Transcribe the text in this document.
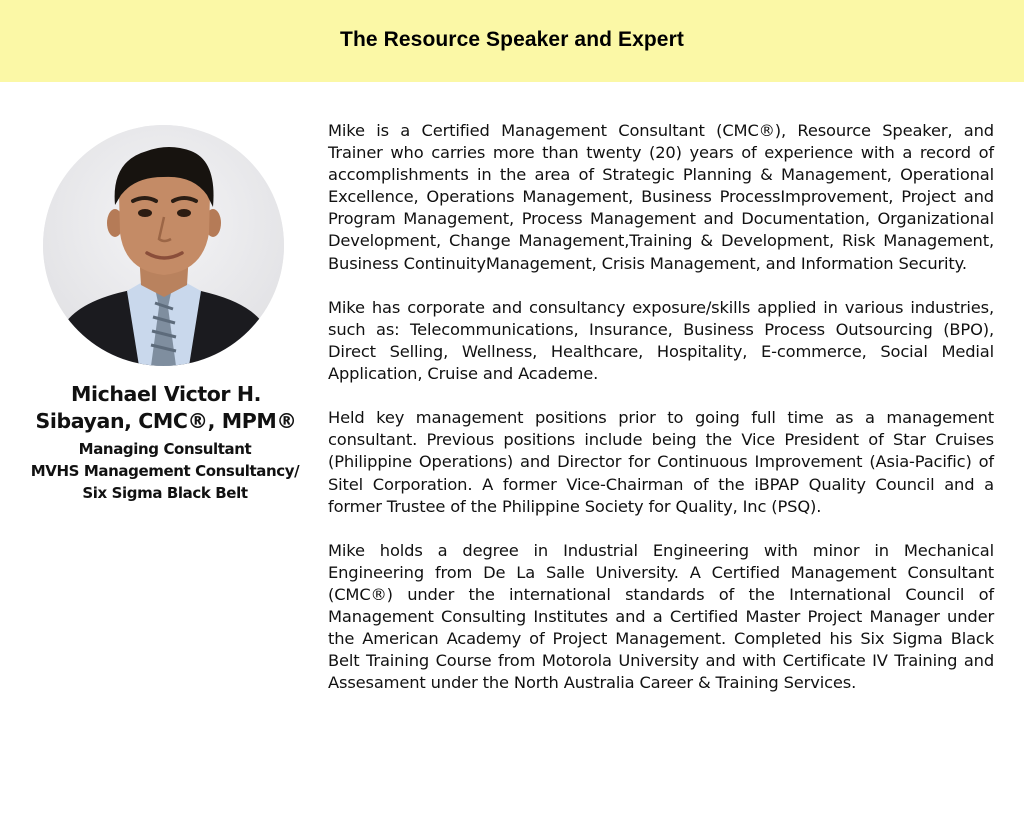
The Resource Speaker and Expert
Michael Victor H.
Sibayan, CMC®, MPM®
Managing Consultant
MVHS Management Consultancy/
Six Sigma Black Belt

Mike is a Certified Management Consultant (CMC®), Resource Speaker, and Trainer who carries more than twenty (20) years of experience with a record of accomplishments in the area of Strategic Planning & Management, Operational Excellence, Operations Management, Business ProcessImprovement, Project and Program Management, Process Management and Documentation, Organizational Development, Change Management,Training & Development, Risk Management, Business ContinuityManagement, Crisis Management, and Information Security.

Mike has corporate and consultancy exposure/skills applied in various industries, such as: Telecommunications, Insurance, Business Process Outsourcing (BPO), Direct Selling, Wellness, Healthcare, Hospitality, E-commerce, Social Medial Application, Cruise and Academe.

Held key management positions prior to going full time as a management consultant. Previous positions include being the Vice President of Star Cruises (Philippine Operations) and Director for Continuous Improvement (Asia-Pacific) of Sitel Corporation. A former Vice-Chairman of the iBPAP Quality Council and a former Trustee of the Philippine Society for Quality, Inc (PSQ).

Mike holds a degree in Industrial Engineering with minor in Mechanical Engineering from De La Salle University. A Certified Management Consultant (CMC®) under the international standards of the International Council of Management Consulting Institutes and a Certified Master Project Manager under the American Academy of Project Management. Completed his Six Sigma Black Belt Training Course from Motorola University and with Certificate IV Training and Assesament under the North Australia Career & Training Services.
